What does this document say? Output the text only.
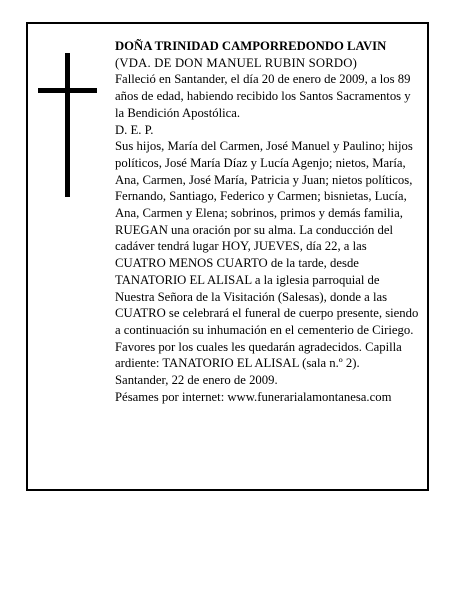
DOÑA TRINIDAD CAMPORREDONDO LAVIN

(VDA. DE DON MANUEL RUBIN SORDO)

Falleció en Santander, el día 20 de enero de 2009, a los 89 años de edad, habiendo recibido los Santos Sacramentos y la Bendición Apostólica.

D. E. P.

Sus hijos, María del Carmen, José Manuel y Paulino; hijos políticos, José María Díaz y Lucía Agenjo; nietos, María, Ana, Carmen, José María, Patricia y Juan; nietos políticos, Fernando, Santiago, Federico y Carmen; bisnietas, Lucía, Ana, Carmen y Elena; sobrinos, primos y demás familia,

RUEGAN una oración por su alma. La conducción del cadáver tendrá lugar HOY, JUEVES, día 22, a las CUATRO MENOS CUARTO de la tarde, desde TANATORIO EL ALISAL a la iglesia parroquial de Nuestra Señora de la Visitación (Salesas), donde a las CUATRO se celebrará el funeral de cuerpo presente, siendo a continuación su inhumación en el cementerio de Ciriego. Favores por los cuales les quedarán agradecidos. Capilla ardiente: TANATORIO EL ALISAL (sala n.º 2).

Santander, 22 de enero de 2009.

Pésames por internet: www.funerarialamontanesa.com
